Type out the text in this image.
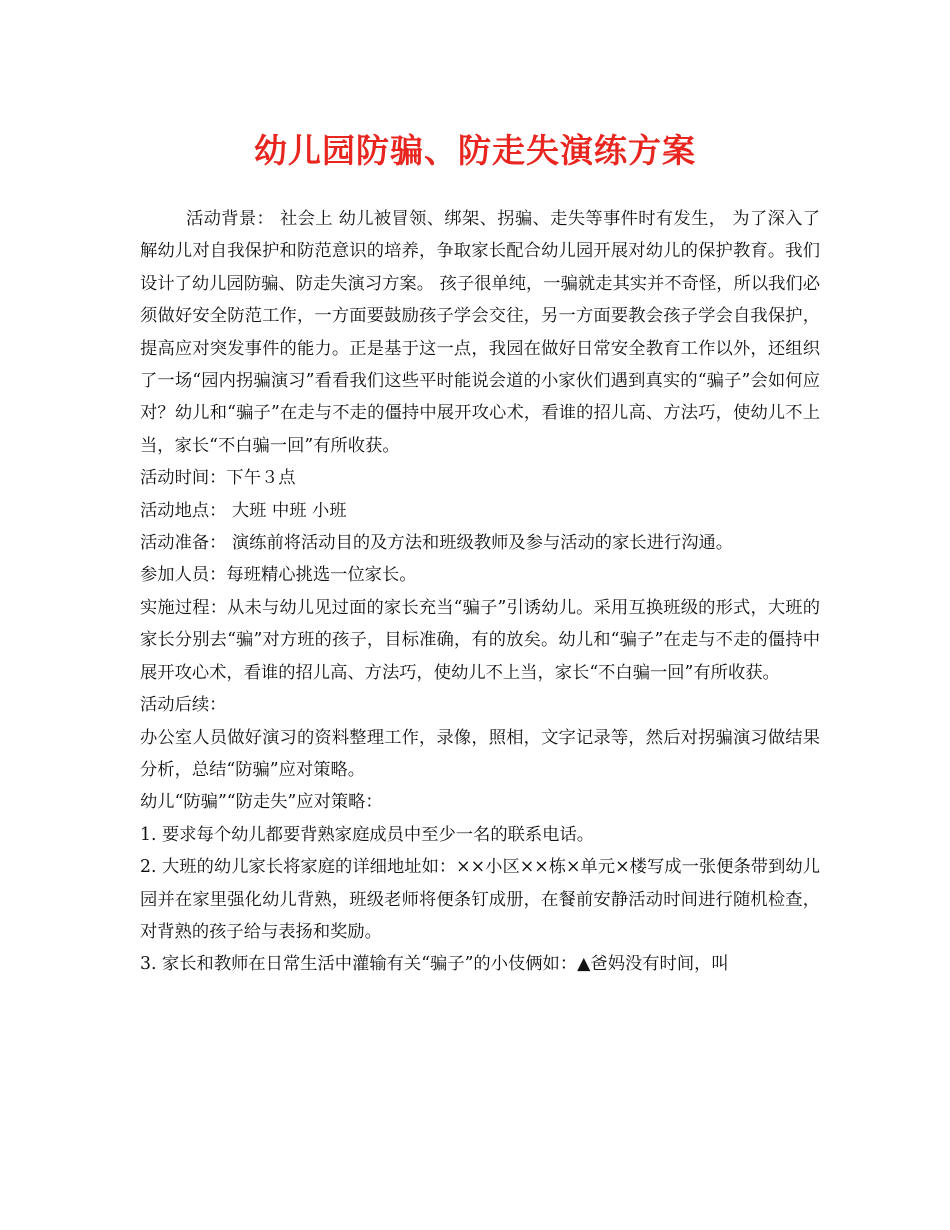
幼儿园防骗、防走失演练方案

活动背景： 社会上 幼儿被冒领、绑架、拐骗、走失等事件时有发生， 为了深入了解幼儿对自我保护和防范意识的培养，争取家长配合幼儿园开展对幼儿的保护教育。我们设计了幼儿园防骗、防走失演习方案。 孩子很单纯，一骗就走其实并不奇怪，所以我们必须做好安全防范工作，一方面要鼓励孩子学会交往，另一方面要教会孩子学会自我保护，提高应对突发事件的能力。正是基于这一点，我园在做好日常安全教育工作以外，还组织了一场“园内拐骗演习”看看我们这些平时能说会道的小家伙们遇到真实的“骗子”会如何应对？幼儿和“骗子”在走与不走的僵持中展开攻心术，看谁的招儿高、方法巧，使幼儿不上当，家长“不白骗一回”有所收获。

活动时间：下午３点

活动地点： 大班 中班 小班

活动准备： 演练前将活动目的及方法和班级教师及参与活动的家长进行沟通。

参加人员：每班精心挑选一位家长。

实施过程：从未与幼儿见过面的家长充当“骗子”引诱幼儿。采用互换班级的形式，大班的家长分别去“骗”对方班的孩子，目标准确，有的放矣。幼儿和“骗子”在走与不走的僵持中展开攻心术，看谁的招儿高、方法巧，使幼儿不上当，家长“不白骗一回”有所收获。

活动后续：

办公室人员做好演习的资料整理工作，录像，照相，文字记录等，然后对拐骗演习做结果分析，总结“防骗”应对策略。

幼儿“防骗”“防走失”应对策略：

1. 要求每个幼儿都要背熟家庭成员中至少一名的联系电话。

2. 大班的幼儿家长将家庭的详细地址如：××小区××栋×单元×楼写成一张便条带到幼儿园并在家里强化幼儿背熟，班级老师将便条钉成册，在餐前安静活动时间进行随机检查，对背熟的孩子给与表扬和奖励。

3. 家长和教师在日常生活中灌输有关“骗子”的小伎俩如：▲爸妈没有时间，叫
